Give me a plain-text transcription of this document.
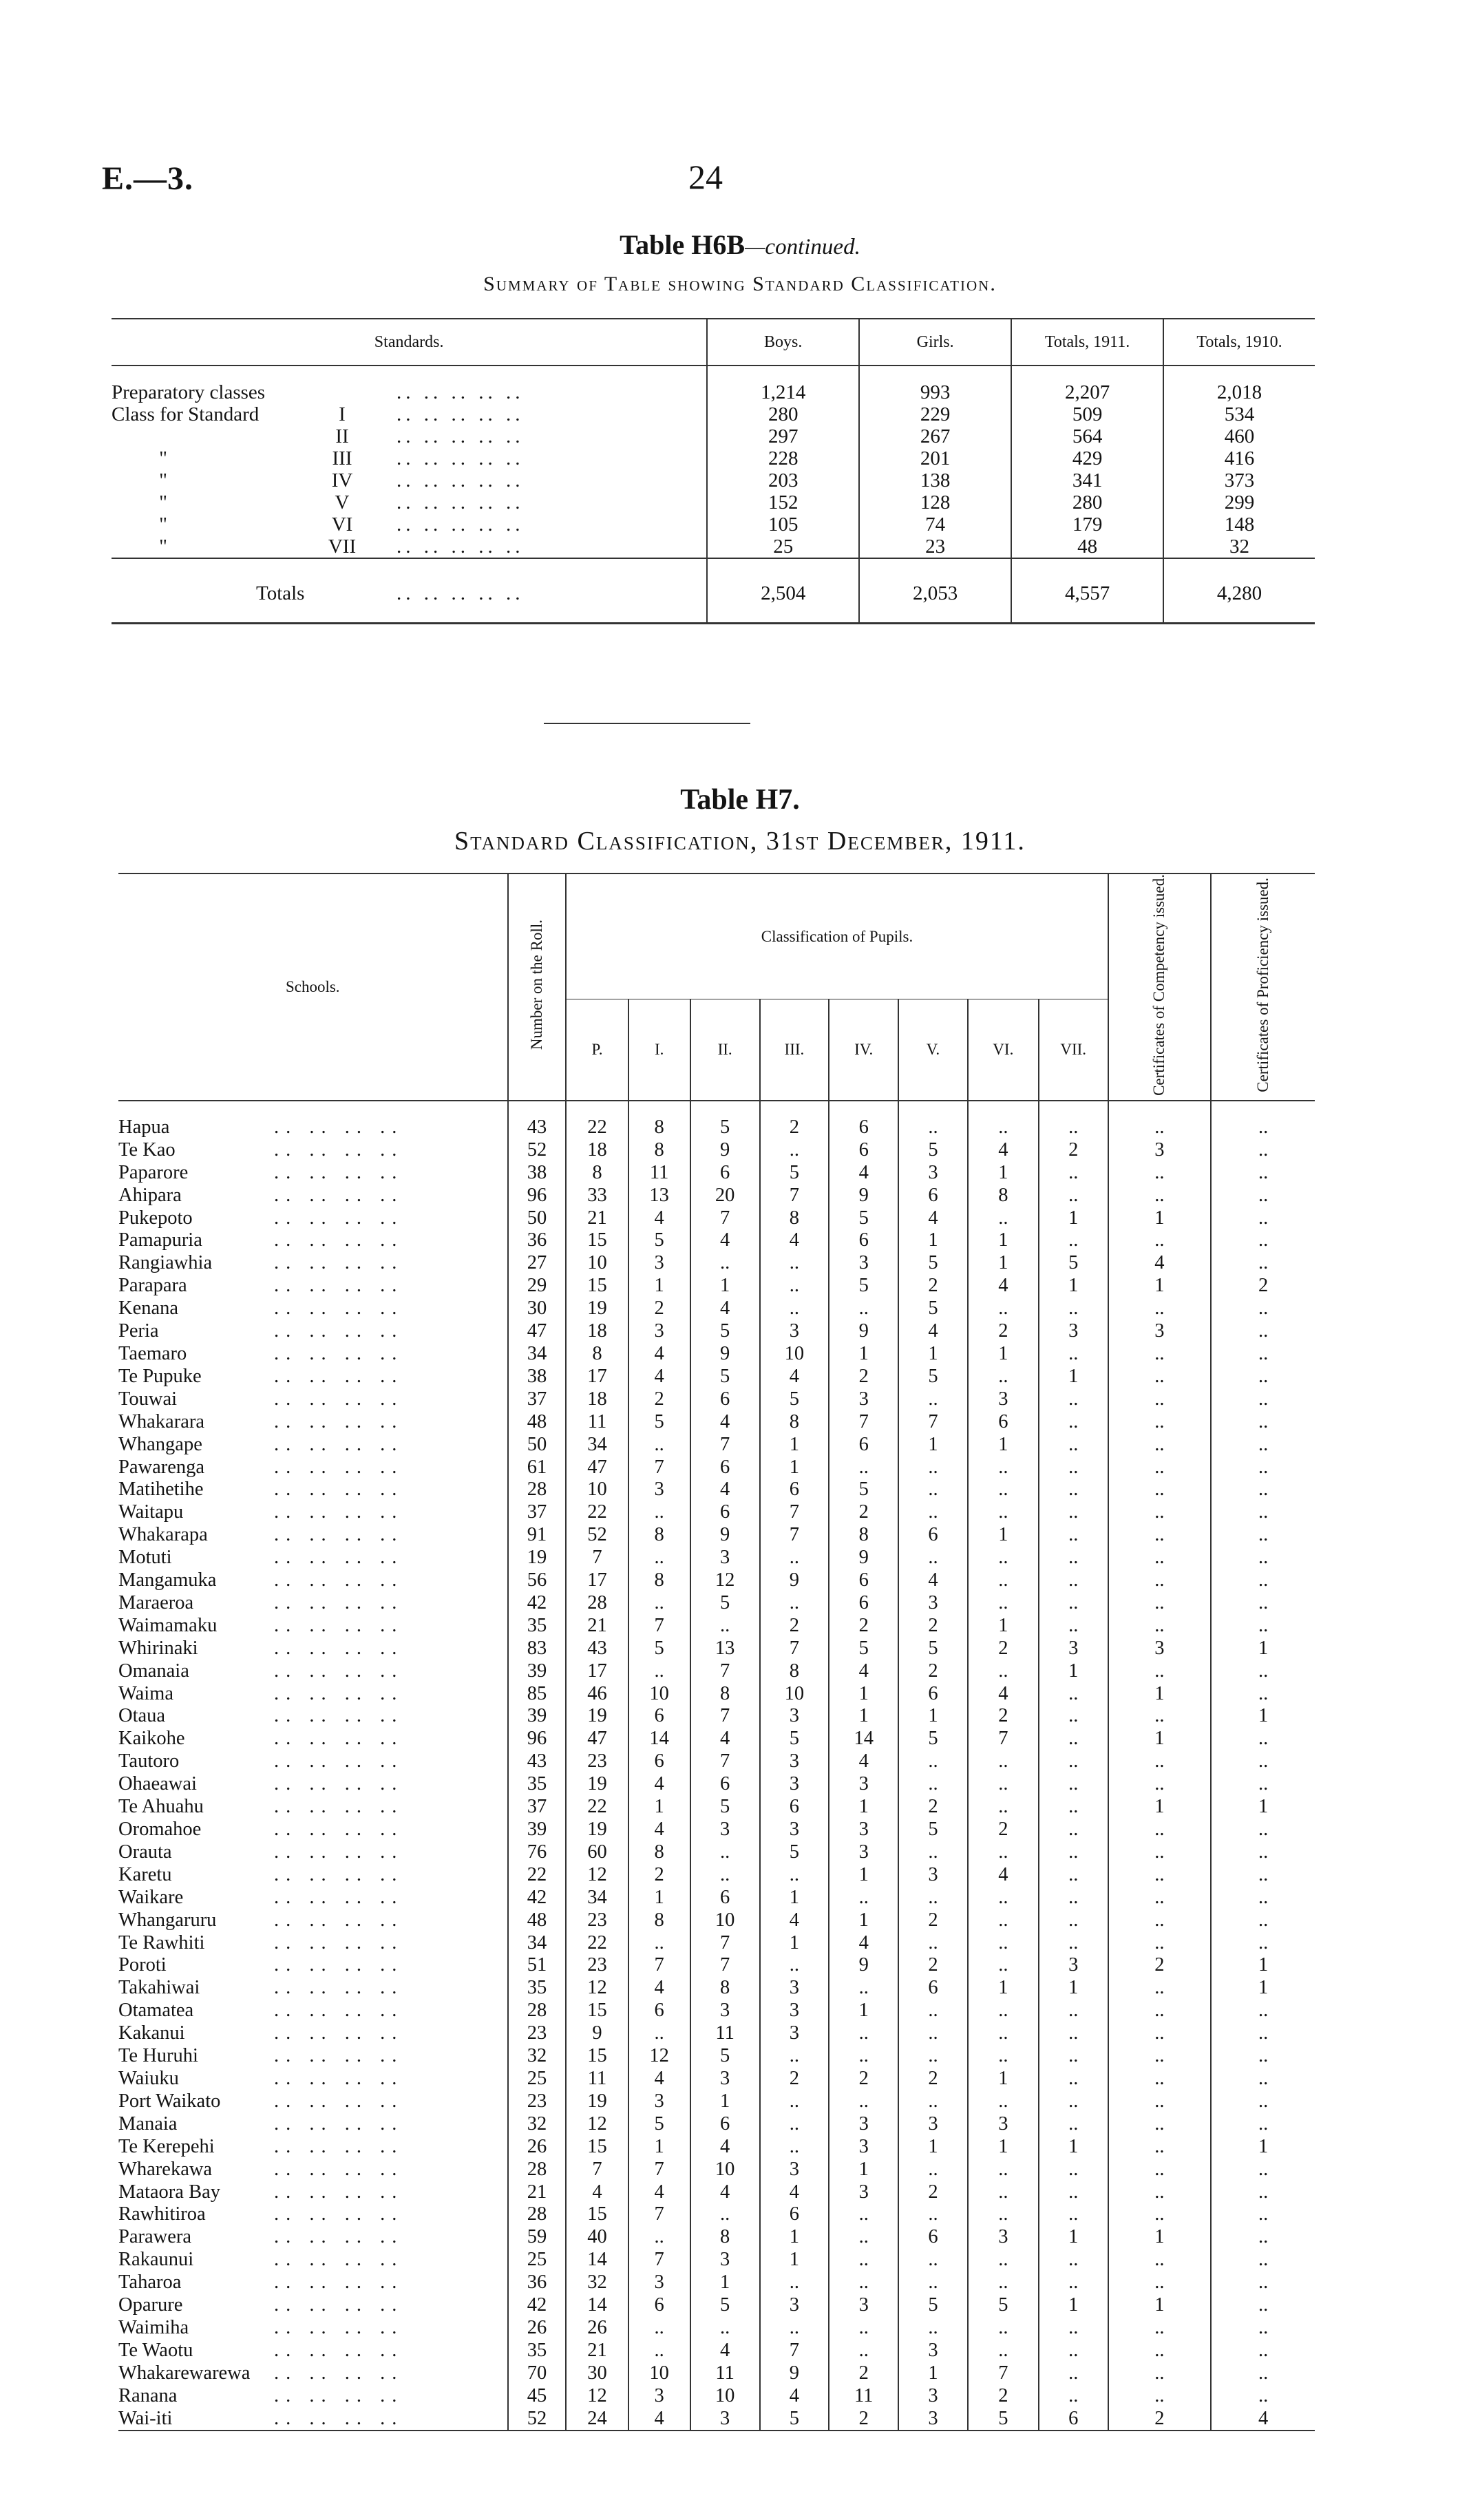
E.—3.	24
Table H6B—continued.
Summary of Table showing Standard Classification.
Standards.	Boys.	Girls.	Totals, 1911.	Totals, 1910.
Preparatory classes .. .. .. .. ..	1,214	993	2,207	2,018
Class for Standard I .. .. .. .. ..	280	229	509	534
II .. .. .. .. ..	297	267	564	460
" III .. .. .. .. ..	228	201	429	416
" IV .. .. .. .. ..	203	138	341	373
" V .. .. .. .. ..	152	128	280	299
" VI .. .. .. .. ..	105	74	179	148
" VII .. .. .. .. ..	25	23	48	32
Totals .. .. .. .. ..	2,504	2,053	4,557	4,280
Table H7.
Standard Classification, 31st December, 1911.
Schools.	Number on the Roll.	Classification of Pupils.								Certificates of Competency issued.	Certificates of Proficiency issued.
		P.	I.	II.	III.	IV.	V.	VI.	VII.		
Hapua .. .. .. ..	43	22	8	5	2	6	..	..	..	..	..
Te Kao .. .. .. ..	52	18	8	9	..	6	5	4	2	3	..
Paparore .. .. .. ..	38	8	11	6	5	4	3	1	..	..	..
Ahipara .. .. .. ..	96	33	13	20	7	9	6	8	..	..	..
Pukepoto .. .. .. ..	50	21	4	7	8	5	4	..	1	1	..
Pamapuria .. .. .. ..	36	15	5	4	4	6	1	1	..	..	..
Rangiawhia .. .. .. ..	27	10	3	..	..	3	5	1	5	4	..
Parapara .. .. .. ..	29	15	1	1	..	5	2	4	1	1	2
Kenana .. .. .. ..	30	19	2	4	..	..	5	..	..	..	..
Peria .. .. .. ..	47	18	3	5	3	9	4	2	3	3	..
Taemaro .. .. .. ..	34	8	4	9	10	1	1	1	..	..	..
Te Pupuke .. .. .. ..	38	17	4	5	4	2	5	..	1	..	..
Touwai .. .. .. ..	37	18	2	6	5	3	..	3	..	..	..
Whakarara .. .. .. ..	48	11	5	4	8	7	7	6	..	..	..
Whangape .. .. .. ..	50	34	..	7	1	6	1	1	..	..	..
Pawarenga .. .. .. ..	61	47	7	6	1	..	..	..	..	..	..
Matihetihe .. .. .. ..	28	10	3	4	6	5	..	..	..	..	..
Waitapu .. .. .. ..	37	22	..	6	7	2	..	..	..	..	..
Whakarapa .. .. .. ..	91	52	8	9	7	8	6	1	..	..	..
Motuti .. .. .. ..	19	7	..	3	..	9	..	..	..	..	..
Mangamuka .. .. .. ..	56	17	8	12	9	6	4	..	..	..	..
Maraeroa .. .. .. ..	42	28	..	5	..	6	3	..	..	..	..
Waimamaku .. .. .. ..	35	21	7	..	2	2	2	1	..	..	..
Whirinaki .. .. .. ..	83	43	5	13	7	5	5	2	3	3	1
Omanaia .. .. .. ..	39	17	..	7	8	4	2	..	1	..	..
Waima .. .. .. ..	85	46	10	8	10	1	6	4	..	1	..
Otaua .. .. .. ..	39	19	6	7	3	1	1	2	..	..	1
Kaikohe .. .. .. ..	96	47	14	4	5	14	5	7	..	1	..
Tautoro .. .. .. ..	43	23	6	7	3	4	..	..	..	..	..
Ohaeawai .. .. .. ..	35	19	4	6	3	3	..	..	..	..	..
Te Ahuahu .. .. .. ..	37	22	1	5	6	1	2	..	..	1	1
Oromahoe .. .. .. ..	39	19	4	3	3	3	5	2	..	..	..
Orauta .. .. .. ..	76	60	8	..	5	3	..	..	..	..	..
Karetu .. .. .. ..	22	12	2	..	..	1	3	4	..	..	..
Waikare .. .. .. ..	42	34	1	6	1	..	..	..	..	..	..
Whangaruru .. .. .. ..	48	23	8	10	4	1	2	..	..	..	..
Te Rawhiti .. .. .. ..	34	22	..	7	1	4	..	..	..	..	..
Poroti .. .. .. ..	51	23	7	7	..	9	2	..	3	2	1
Takahiwai .. .. .. ..	35	12	4	8	3	..	6	1	1	..	1
Otamatea .. .. .. ..	28	15	6	3	3	1	..	..	..	..	..
Kakanui .. .. .. ..	23	9	..	11	3	..	..	..	..	..	..
Te Huruhi .. .. .. ..	32	15	12	5	..	..	..	..	..	..	..
Waiuku .. .. .. ..	25	11	4	3	2	2	2	1	..	..	..
Port Waikato .. .. .. ..	23	19	3	1	..	..	..	..	..	..	..
Manaia .. .. .. ..	32	12	5	6	..	3	3	3	..	..	..
Te Kerepehi .. .. .. ..	26	15	1	4	..	3	1	1	1	..	1
Wharekawa .. .. .. ..	28	7	7	10	3	1	..	..	..	..	..
Mataora Bay .. .. .. ..	21	4	4	4	4	3	2	..	..	..	..
Rawhitiroa .. .. .. ..	28	15	7	..	6	..	..	..	..	..	..
Parawera .. .. .. ..	59	40	..	8	1	..	6	3	1	1	..
Rakaunui .. .. .. ..	25	14	7	3	1	..	..	..	..	..	..
Taharoa .. .. .. ..	36	32	3	1	..	..	..	..	..	..	..
Oparure .. .. .. ..	42	14	6	5	3	3	5	5	1	1	..
Waimiha .. .. .. ..	26	26	..	..	..	..	..	..	..	..	..
Te Waotu .. .. .. ..	35	21	..	4	7	..	3	..	..	..	..
Whakarewarewa .. .. .. ..	70	30	10	11	9	2	1	7	..	..	..
Ranana .. .. .. ..	45	12	3	10	4	11	3	2	..	..	..
Wai-iti .. .. .. ..	52	24	4	3	5	2	3	5	6	2	4
